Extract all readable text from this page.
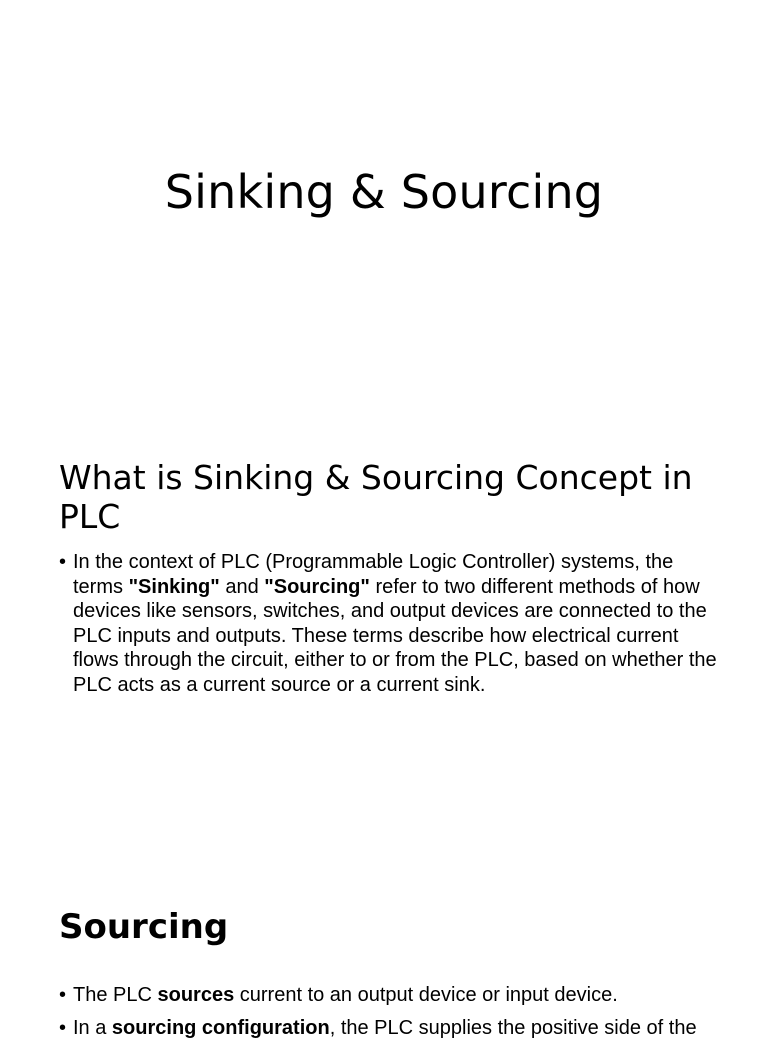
Sinking & Sourcing
What is Sinking & Sourcing Concept in PLC
• In the context of PLC (Programmable Logic Controller) systems, the terms "Sinking" and "Sourcing" refer to two different methods of how devices like sensors, switches, and output devices are connected to the PLC inputs and outputs. These terms describe how electrical current flows through the circuit, either to or from the PLC, based on whether the PLC acts as a current source or a current sink.
Sourcing
• The PLC sources current to an output device or input device.
• In a sourcing configuration, the PLC supplies the positive side of the
